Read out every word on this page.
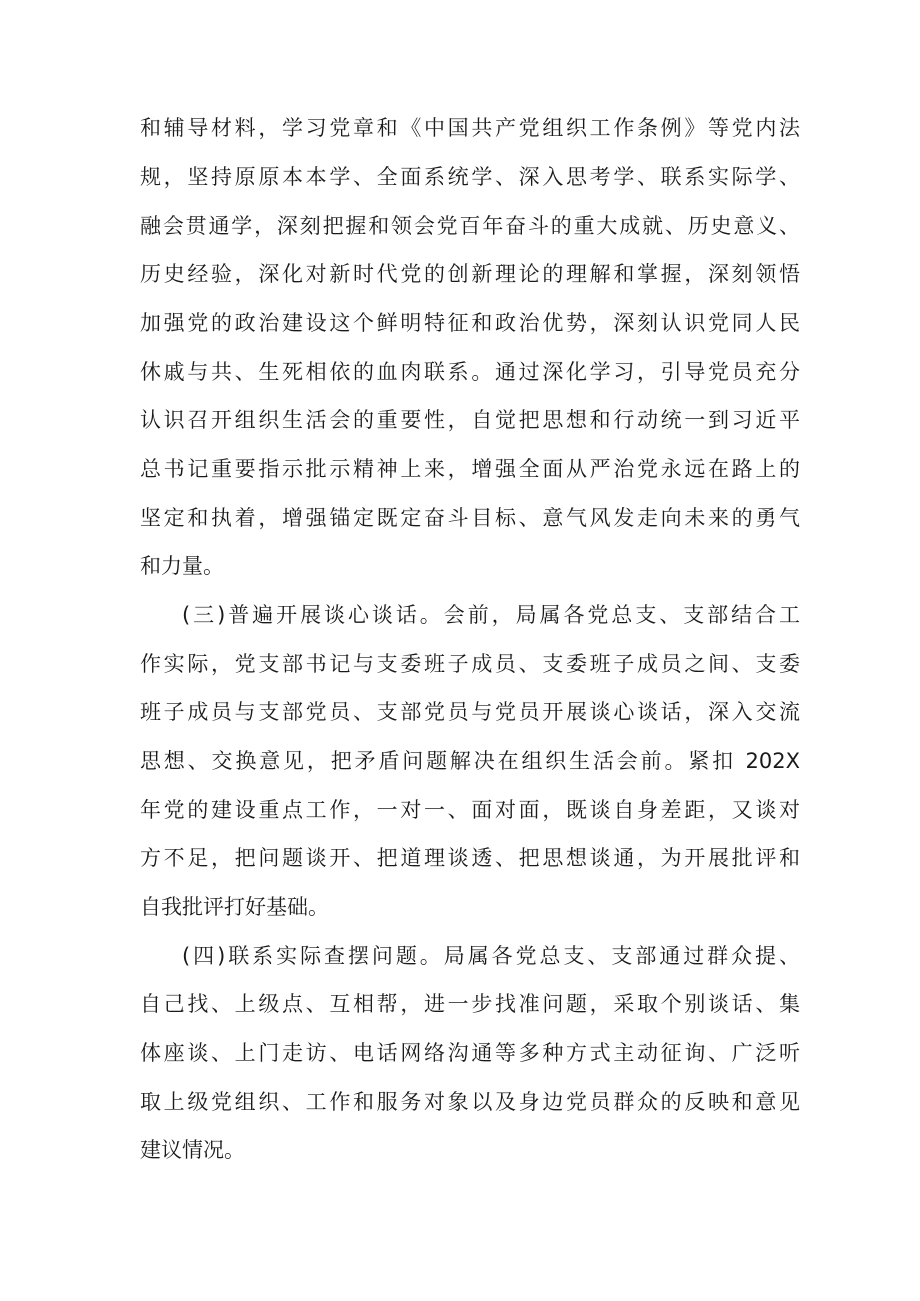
和辅导材料，学习党章和《中国共产党组织工作条例》等党内法
规，坚持原原本本学、全面系统学、深入思考学、联系实际学、
融会贯通学，深刻把握和领会党百年奋斗的重大成就、历史意义、
历史经验，深化对新时代党的创新理论的理解和掌握，深刻领悟
加强党的政治建设这个鲜明特征和政治优势，深刻认识党同人民
休戚与共、生死相依的血肉联系。通过深化学习，引导党员充分
认识召开组织生活会的重要性，自觉把思想和行动统一到习近平
总书记重要指示批示精神上来，增强全面从严治党永远在路上的
坚定和执着，增强锚定既定奋斗目标、意气风发走向未来的勇气
和力量。
(三)普遍开展谈心谈话。会前，局属各党总支、支部结合工
作实际，党支部书记与支委班子成员、支委班子成员之间、支委
班子成员与支部党员、支部党员与党员开展谈心谈话，深入交流
思想、交换意见，把矛盾问题解决在组织生活会前。紧扣 202X
年党的建设重点工作，一对一、面对面，既谈自身差距，又谈对
方不足，把问题谈开、把道理谈透、把思想谈通，为开展批评和
自我批评打好基础。
(四)联系实际查摆问题。局属各党总支、支部通过群众提、
自己找、上级点、互相帮，进一步找准问题，采取个别谈话、集
体座谈、上门走访、电话网络沟通等多种方式主动征询、广泛听
取上级党组织、工作和服务对象以及身边党员群众的反映和意见
建议情况。
